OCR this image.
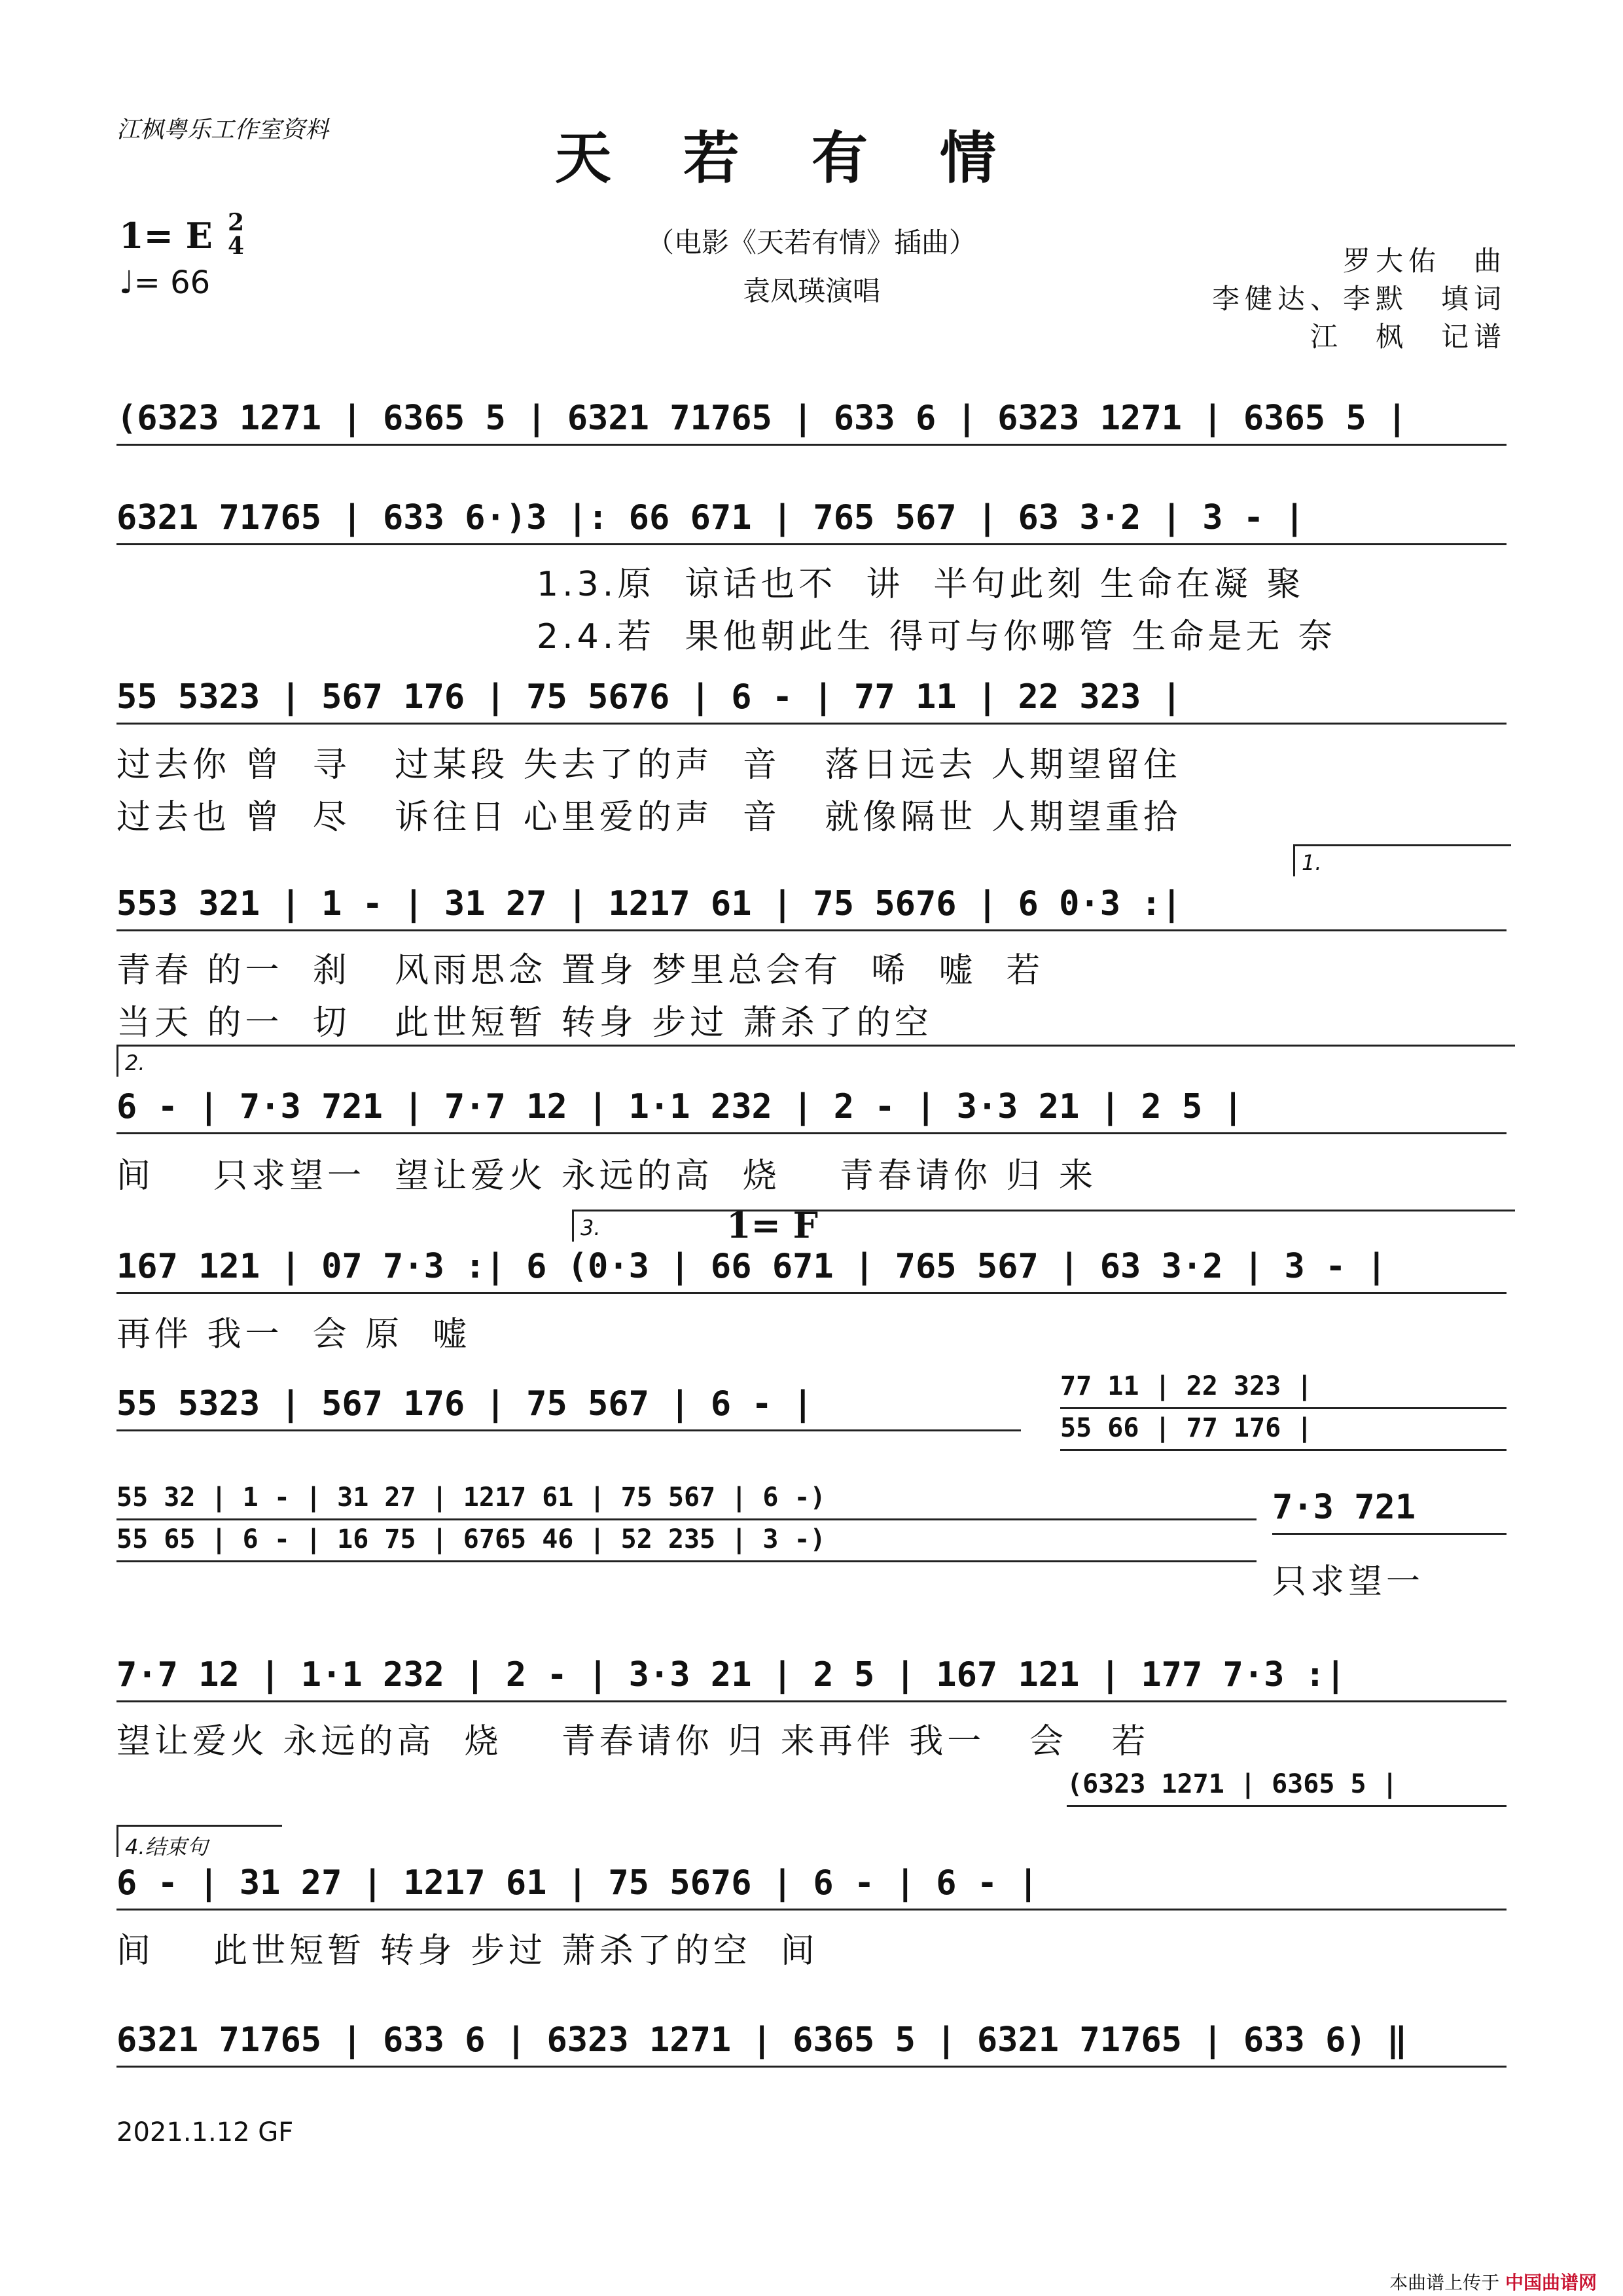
江枫粤乐工作室资料	天若有情
1= E 2
4
♩= 66
（电影《天若有情》插曲）
袁凤瑛演唱
罗大佑　曲
李健达、李默　填词
江　枫　记谱
(6323 1271 | 6365 5 | 6321 71765 | 633 6 | 6323 1271 | 6365 5 |
6321 71765 | 633 6·)3 |: 66 671 | 765 567 | 63 3·2 | 3 - |
1.3.原  谅话也不  讲  半句此刻 生命在凝 聚
2.4.若  果他朝此生 得可与你哪管 生命是无 奈
55 5323 | 567 176 | 75 5676 | 6 - | 77 11 | 22 323 |
过去你 曾  寻   过某段 失去了的声  音   落日远去 人期望留住
过去也 曾  尽   诉往日 心里爱的声  音   就像隔世 人期望重拾
1.
553 321 | 1 - | 31 27 | 1217 61 | 75 5676 | 6 0·3 :|
青春 的一  刹   风雨思念 置身 梦里总会有  唏  嘘  若
当天 的一  切   此世短暂 转身 步过 萧杀了的空
2.
6 - | 7·3 721 | 7·7 12 | 1·1 232 | 2 - | 3·3 21 | 2 5 |
间    只求望一  望让爱火 永远的高  烧    青春请你 归 来
3.	1= F
167 121 | 07 7·3 :| 6 (0·3 | 66 671 | 765 567 | 63 3·2 | 3 - |
再伴 我一  会 原  嘘
55 5323 | 567 176 | 75 567 | 6 - |	77 11 | 22 323 |
55 66 | 77 176 |
55 32 | 1 - | 31 27 | 1217 61 | 75 567 | 6 -)
55 65 | 6 - | 16 75 | 6765 46 | 52 235 | 3 -)
7·3 721
只求望一
7·7 12 | 1·1 232 | 2 - | 3·3 21 | 2 5 | 167 121 | 177 7·3 :|
望让爱火 永远的高  烧    青春请你 归 来再伴 我一   会   若
(6323 1271 | 6365 5 |
4.结束句
6 - | 31 27 | 1217 61 | 75 5676 | 6 - | 6 - |
间    此世短暂 转身 步过 萧杀了的空  间
6321 71765 | 633 6 | 6323 1271 | 6365 5 | 6321 71765 | 633 6) ‖
2021.1.12 GF
本曲谱上传于 中国曲谱网
